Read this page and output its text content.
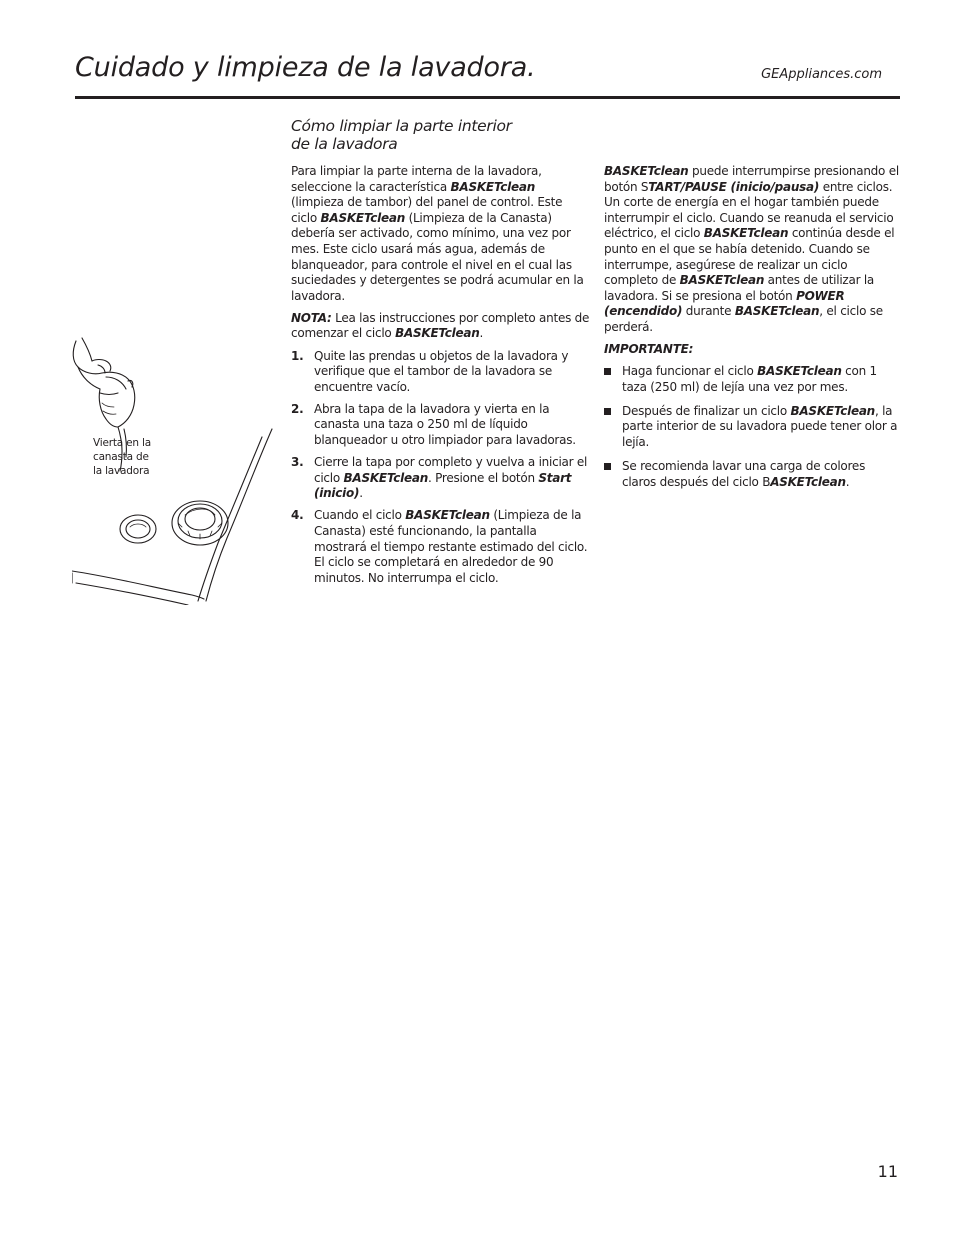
Cuidado y limpieza de la lavadora.	GEAppliances.com
Cómo limpiar la parte interior
de la lavadora
Vierta en la
canasta de
la lavadora

Para limpiar la parte interna de la lavadora, seleccione la característica BASKETclean (limpieza de tambor) del panel de control. Este ciclo BASKETclean (Limpieza de la Canasta) debería ser activado, como mínimo, una vez por mes. Este ciclo usará más agua, además de blanqueador, para controle el nivel en el cual las suciedades y detergentes se podrá acumular en la lavadora.

NOTA: Lea las instrucciones por completo antes de comenzar el ciclo BASKETclean.

1. Quite las prendas u objetos de la lavadora y verifique que el tambor de la lavadora se encuentre vacío.
2. Abra la tapa de la lavadora y vierta en la canasta una taza o 250 ml de líquido blanqueador u otro limpiador para lavadoras.
3. Cierre la tapa por completo y vuelva a iniciar el ciclo BASKETclean. Presione el botón Start (inicio).
4. Cuando el ciclo BASKETclean (Limpieza de la Canasta) esté funcionando, la pantalla mostrará el tiempo restante estimado del ciclo. El ciclo se completará en alrededor de 90 minutos. No interrumpa el ciclo.

BASKETclean puede interrumpirse presionando el botón START/PAUSE (inicio/pausa) entre ciclos. Un corte de energía en el hogar también puede interrumpir el ciclo. Cuando se reanuda el servicio eléctrico, el ciclo BASKETclean continúa desde el punto en el que se había detenido. Cuando se interrumpe, asegúrese de realizar un ciclo completo de BASKETclean antes de utilizar la lavadora. Si se presiona el botón POWER (encendido) durante BASKETclean, el ciclo se perderá.

IMPORTANTE:

Haga funcionar el ciclo BASKETclean con 1 taza (250 ml) de lejía una vez por mes.
Después de finalizar un ciclo BASKETclean, la parte interior de su lavadora puede tener olor a lejía.
Se recomienda lavar una carga de colores claros después del ciclo BASKETclean.
11
